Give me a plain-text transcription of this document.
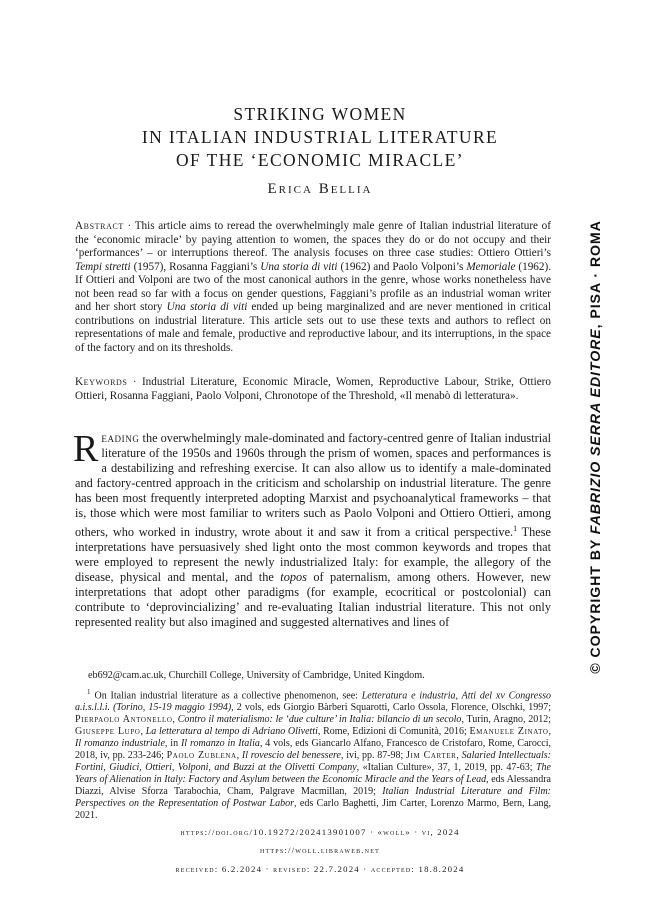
STRIKING WOMEN
IN ITALIAN INDUSTRIAL LITERATURE
OF THE ‘ECONOMIC MIRACLE’
Erica Bellia
Abstract · This article aims to reread the overwhelmingly male genre of Italian industrial literature of the ‘economic miracle’ by paying attention to women, the spaces they do or do not occupy and their ‘performances’ – or interruptions thereof. The analysis focuses on three case studies: Ottiero Ottieri’s Tempi stretti (1957), Rosanna Faggiani’s Una storia di viti (1962) and Paolo Volponi’s Memoriale (1962). If Ottieri and Volponi are two of the most canonical authors in the genre, whose works nonetheless have not been read so far with a focus on gender questions, Faggiani’s profile as an industrial woman writer and her short story Una storia di viti ended up being marginalized and are never mentioned in critical contributions on industrial literature. This article sets out to use these texts and authors to reflect on representations of male and female, productive and reproductive labour, and its interruptions, in the space of the factory and on its thresholds.
Keywords · Industrial Literature, Economic Miracle, Women, Reproductive Labour, Strike, Ottiero Ottieri, Rosanna Faggiani, Paolo Volponi, Chronotope of the Threshold, «Il menabò di letteratura».
Reading the overwhelmingly male-dominated and factory-centred genre of Italian industrial literature of the 1950s and 1960s through the prism of women, spaces and performances is a destabilizing and refreshing exercise. It can also allow us to identify a male-dominated and factory-centred approach in the criticism and scholarship on industrial literature. The genre has been most frequently interpreted adopting Marxist and psychoanalytical frameworks – that is, those which were most familiar to writers such as Paolo Volponi and Ottiero Ottieri, among others, who worked in industry, wrote about it and saw it from a critical perspective.$^1$ These interpretations have persuasively shed light onto the most common keywords and tropes that were employed to represent the newly industrialized Italy: for example, the allegory of the disease, physical and mental, and the topos of paternalism, among others. However, new interpretations that adopt other paradigms (for example, ecocritical or postcolonial) can contribute to ‘deprovincializing’ and re-evaluating Italian industrial literature. This not only represented reality but also imagined and suggested alternatives and lines of
eb692@cam.ac.uk, Churchill College, University of Cambridge, United Kingdom.
$^1$ On Italian industrial literature as a collective phenomenon, see: Letteratura e industria, Atti del xv Congresso a.i.s.l.l.i. (Torino, 15-19 maggio 1994), 2 vols, eds Giorgio Bàrberi Squarotti, Carlo Ossola, Florence, Olschki, 1997; Pierpaolo Antonello, Contro il materialismo: le ‘due culture’ in Italia: bilancio di un secolo, Turin, Aragno, 2012; Giuseppe Lupo, La letteratura al tempo di Adriano Olivetti, Rome, Edizioni di Comunità, 2016; Emanuele Zinato, Il romanzo industriale, in Il romanzo in Italia, 4 vols, eds Giancarlo Alfano, Francesco de Cristofaro, Rome, Carocci, 2018, iv, pp. 233-246; Paolo Zublena, Il rovescio del benessere, ivi, pp. 87-98; Jim Carter, Salaried Intellectuals: Fortini, Giudici, Ottieri, Volponi, and Buzzi at the Olivetti Company, «Italian Culture», 37, 1, 2019, pp. 47-63; The Years of Alienation in Italy: Factory and Asylum between the Economic Miracle and the Years of Lead, eds Alessandra Diazzi, Alvise Sforza Tarabochia, Cham, Palgrave Macmillan, 2019; Italian Industrial Literature and Film: Perspectives on the Representation of Postwar Labor, eds Carlo Baghetti, Jim Carter, Lorenzo Marmo, Bern, Lang, 2021.
https://doi.org/10.19272/202413901007 · «woll» · vi, 2024
https://woll.libraweb.net
received: 6.2.2024 · revised: 22.7.2024 · accepted: 18.8.2024
© COPYRIGHT BY FABRIZIO SERRA EDITORE, PISA · ROMA
